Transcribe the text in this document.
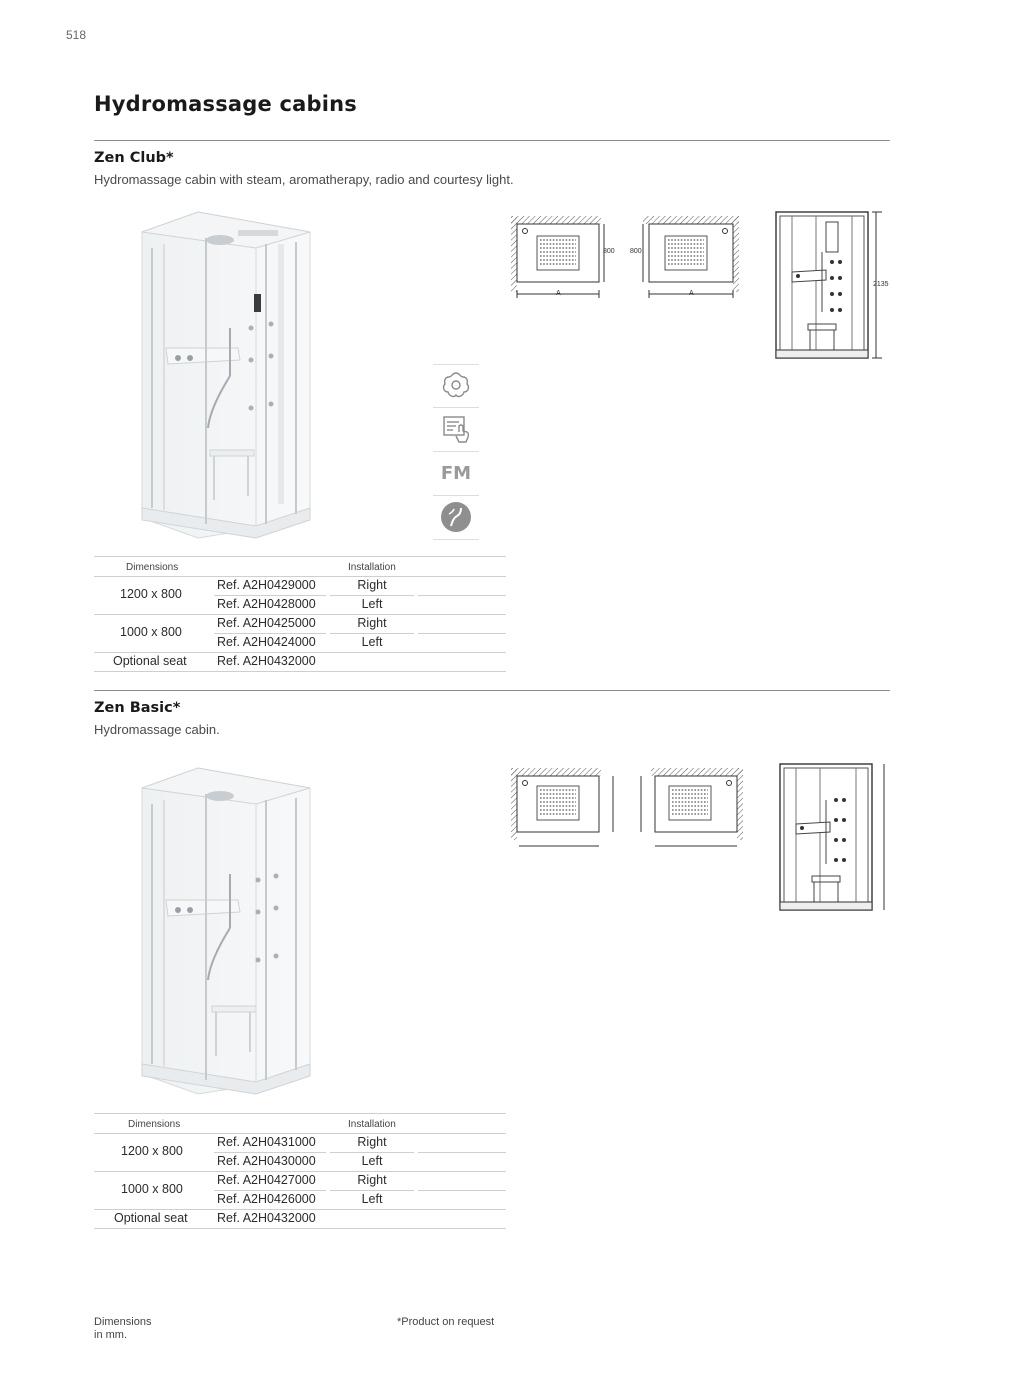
518
Hydromassage cabins
Zen Club*
Hydromassage cabin with steam, aromatherapy, radio and courtesy light.
FM
800 800
A	A
2135
Dimensions	Installation
1200 x 800
Ref. A2H0429000	Right
Ref. A2H0428000	Left
1000 x 800
Ref. A2H0425000	Right
Ref. A2H0424000	Left
Optional seat Ref. A2H0432000
Zen Basic*
Hydromassage cabin.
Dimensions	Installation
1200 x 800
Ref. A2H0431000	Right
Ref. A2H0430000	Left
1000 x 800
Ref. A2H0427000	Right
Ref. A2H0426000	Left
Optional seat Ref. A2H0432000
Dimensions
in mm.
*Product on request
